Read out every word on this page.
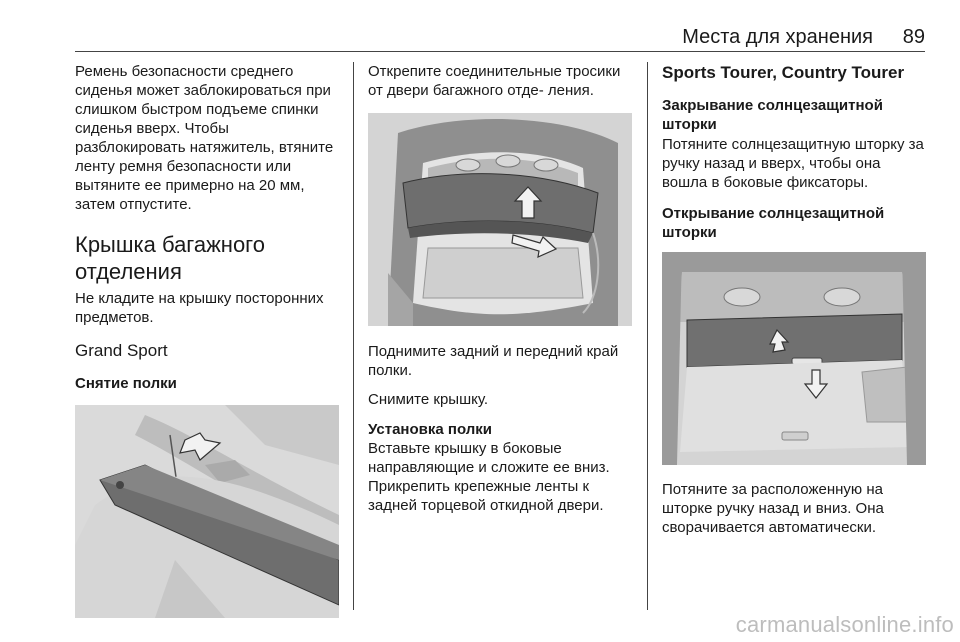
Места для хранения 89

Ремень безопасности среднего сиденья может заблокироваться при слишком быстром подъеме спинки сиденья вверх. Чтобы разблокировать натяжитель, втяните ленту ремня безопасности или вытяните ее примерно на 20 мм, затем отпустите.

Крышка багажного отделения

Не кладите на крышку посторонних предметов.

Grand Sport
Снятие полки

Открепите соединительные тросики от двери багажного отде- ления.

Поднимите задний и передний край полки.

Снимите крышку.

Установка полки

Вставьте крышку в боковые направляющие и сложите ее вниз. Прикрепить крепежные ленты к задней торцевой откидной двери.

Sports Tourer, Country Tourer
Закрывание солнцезащитной шторки

Потяните солнцезащитную шторку за ручку назад и вверх, чтобы она вошла в боковые фиксаторы.

Открывание солнцезащитной шторки

Потяните за расположенную на шторке ручку назад и вниз. Она сворачивается автоматически.

carmanualsonline.info
